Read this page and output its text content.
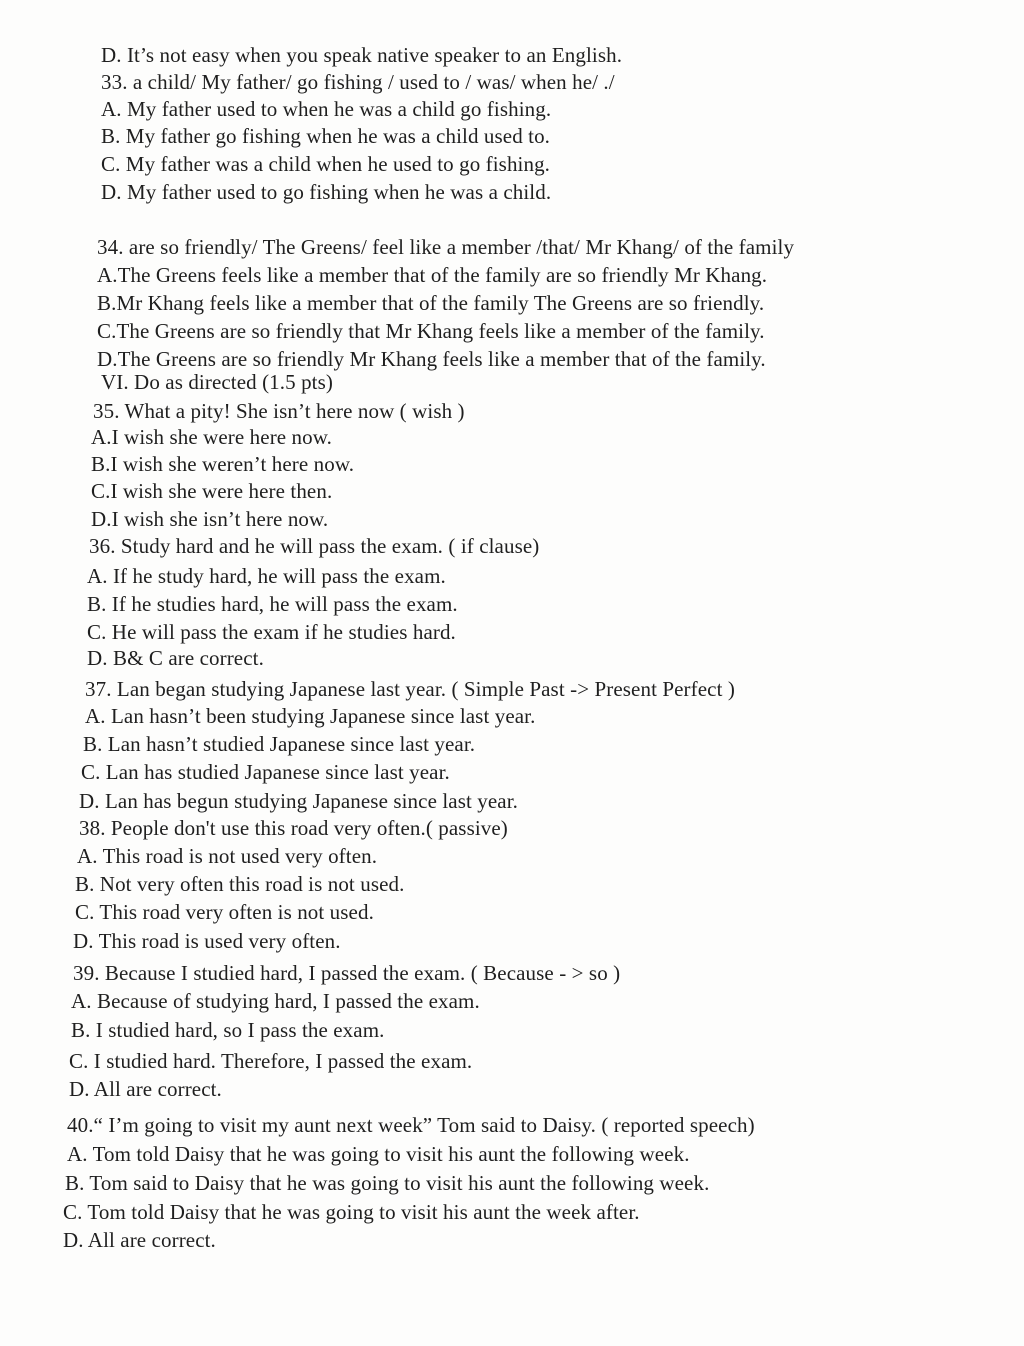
D. It’s not easy when you speak native speaker to an English.
33. a child/ My father/ go fishing / used to / was/ when he/ ./
A. My father used to when he was a child go fishing.
B. My father go fishing when he was a child used to.
C. My father was a child when he used to go fishing.
D. My father used to go fishing when he was a child.
34. are so friendly/ The Greens/ feel like a member /that/ Mr Khang/ of the family
A.The Greens feels like a member that of the family are so friendly Mr Khang.
B.Mr Khang feels like a member that of the family The Greens are so friendly.
C.The Greens are so friendly that Mr Khang feels like a member of the family.
D.The Greens are so friendly Mr Khang feels like a member that of the family.
VI. Do as directed (1.5 pts)
35. What a pity! She isn’t here now ( wish )
A.I wish she were here now.
B.I wish she weren’t here now.
C.I wish she were here then.
D.I wish she isn’t here now.
36. Study hard and he will pass the exam. ( if clause)
A. If he study hard, he will pass the exam.
B. If he studies hard, he will pass the exam.
C. He will pass the exam if he studies hard.
D. B& C are correct.
37. Lan began studying Japanese last year. ( Simple Past -> Present Perfect )
A. Lan hasn’t been studying Japanese since last year.
B. Lan hasn’t studied Japanese since last year.
C. Lan has studied Japanese since last year.
D. Lan has begun studying Japanese since last year.
38. People don't use this road very often.( passive)
A. This road is not used very often.
B. Not very often this road is not used.
C. This road very often is not used.
D. This road is used very often.
39. Because I studied hard, I passed the exam. ( Because - > so )
A. Because of studying hard, I passed the exam.
B. I studied hard, so I pass the exam.
C. I studied hard. Therefore, I passed the exam.
D. All are correct.
40.“ I’m going to visit my aunt next week” Tom said to Daisy. ( reported speech)
A. Tom told Daisy that he was going to visit his aunt the following week.
B. Tom said to Daisy that he was going to visit his aunt the following week.
C. Tom told Daisy that he was going to visit his aunt the week after.
D. All are correct.
